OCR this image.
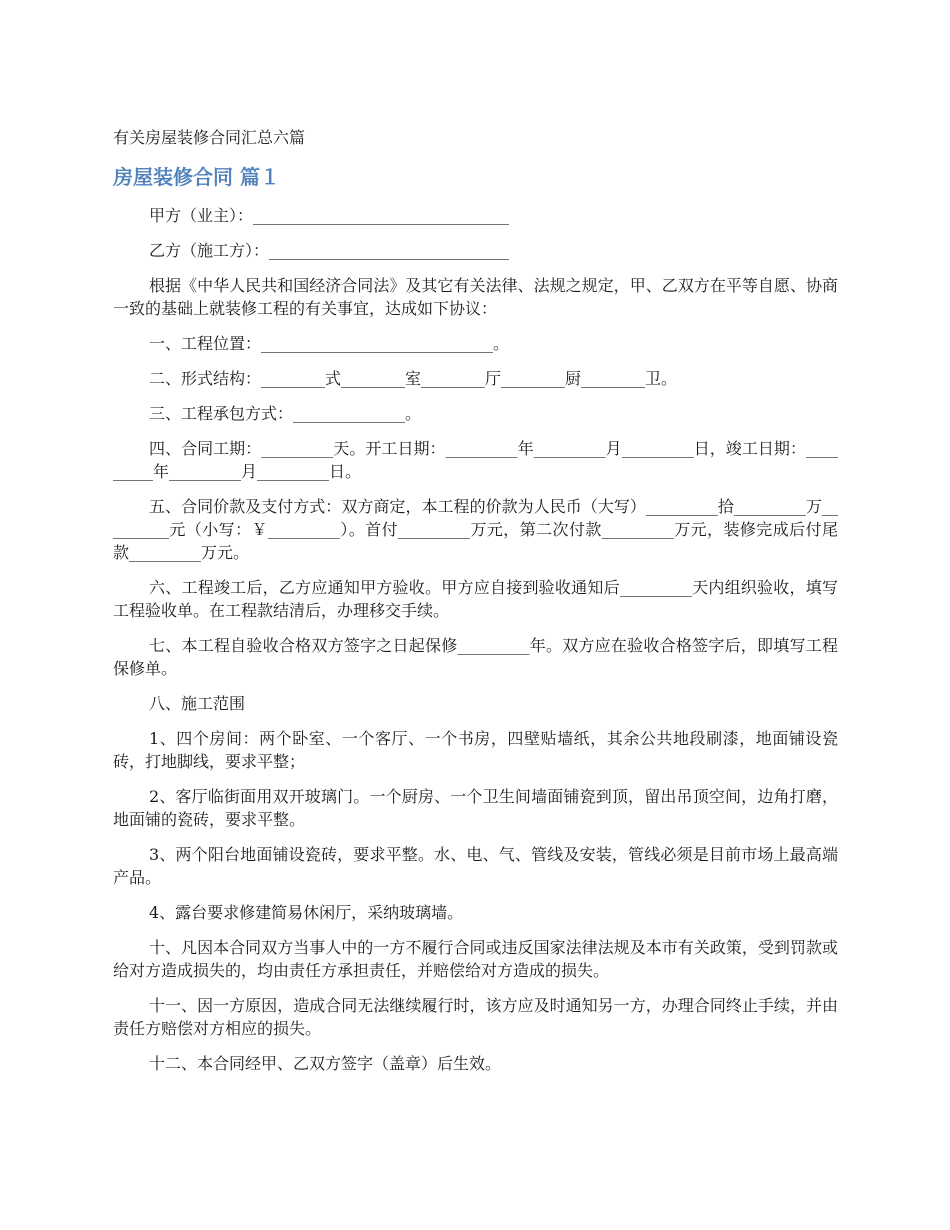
有关房屋装修合同汇总六篇
房屋装修合同 篇１

甲方（业主）：________________________________

乙方（施工方）：______________________________

根据《中华人民共和国经济合同法》及其它有关法律、法规之规定，甲、乙双方在平等自愿、协商一致的基础上就装修工程的有关事宜，达成如下协议：

一、工程位置：_____________________________。

二、形式结构：________式________室________厅________厨________卫。

三、工程承包方式：______________。

四、合同工期：_________天。开工日期：_________年_________月_________日，竣工日期：_________年_________月_________日。

五、合同价款及支付方式：双方商定，本工程的价款为人民币（大写）_________拾_________万_________元（小写：￥_________）。首付_________万元，第二次付款_________万元，装修完成后付尾款_________万元。

六、工程竣工后，乙方应通知甲方验收。甲方应自接到验收通知后_________天内组织验收，填写工程验收单。在工程款结清后，办理移交手续。

七、本工程自验收合格双方签字之日起保修_________年。双方应在验收合格签字后，即填写工程保修单。

八、施工范围

1、四个房间：两个卧室、一个客厅、一个书房，四壁贴墙纸，其余公共地段刷漆，地面铺设瓷砖，打地脚线，要求平整；

2、客厅临街面用双开玻璃门。一个厨房、一个卫生间墙面铺瓷到顶，留出吊顶空间，边角打磨，地面铺的瓷砖，要求平整。

3、两个阳台地面铺设瓷砖，要求平整。水、电、气、管线及安装，管线必须是目前市场上最高端产品。

4、露台要求修建简易休闲厅，采纳玻璃墙。

十、凡因本合同双方当事人中的一方不履行合同或违反国家法律法规及本市有关政策，受到罚款或给对方造成损失的，均由责任方承担责任，并赔偿给对方造成的损失。

十一、因一方原因，造成合同无法继续履行时，该方应及时通知另一方，办理合同终止手续，并由责任方赔偿对方相应的损失。

十二、本合同经甲、乙双方签字（盖章）后生效。
